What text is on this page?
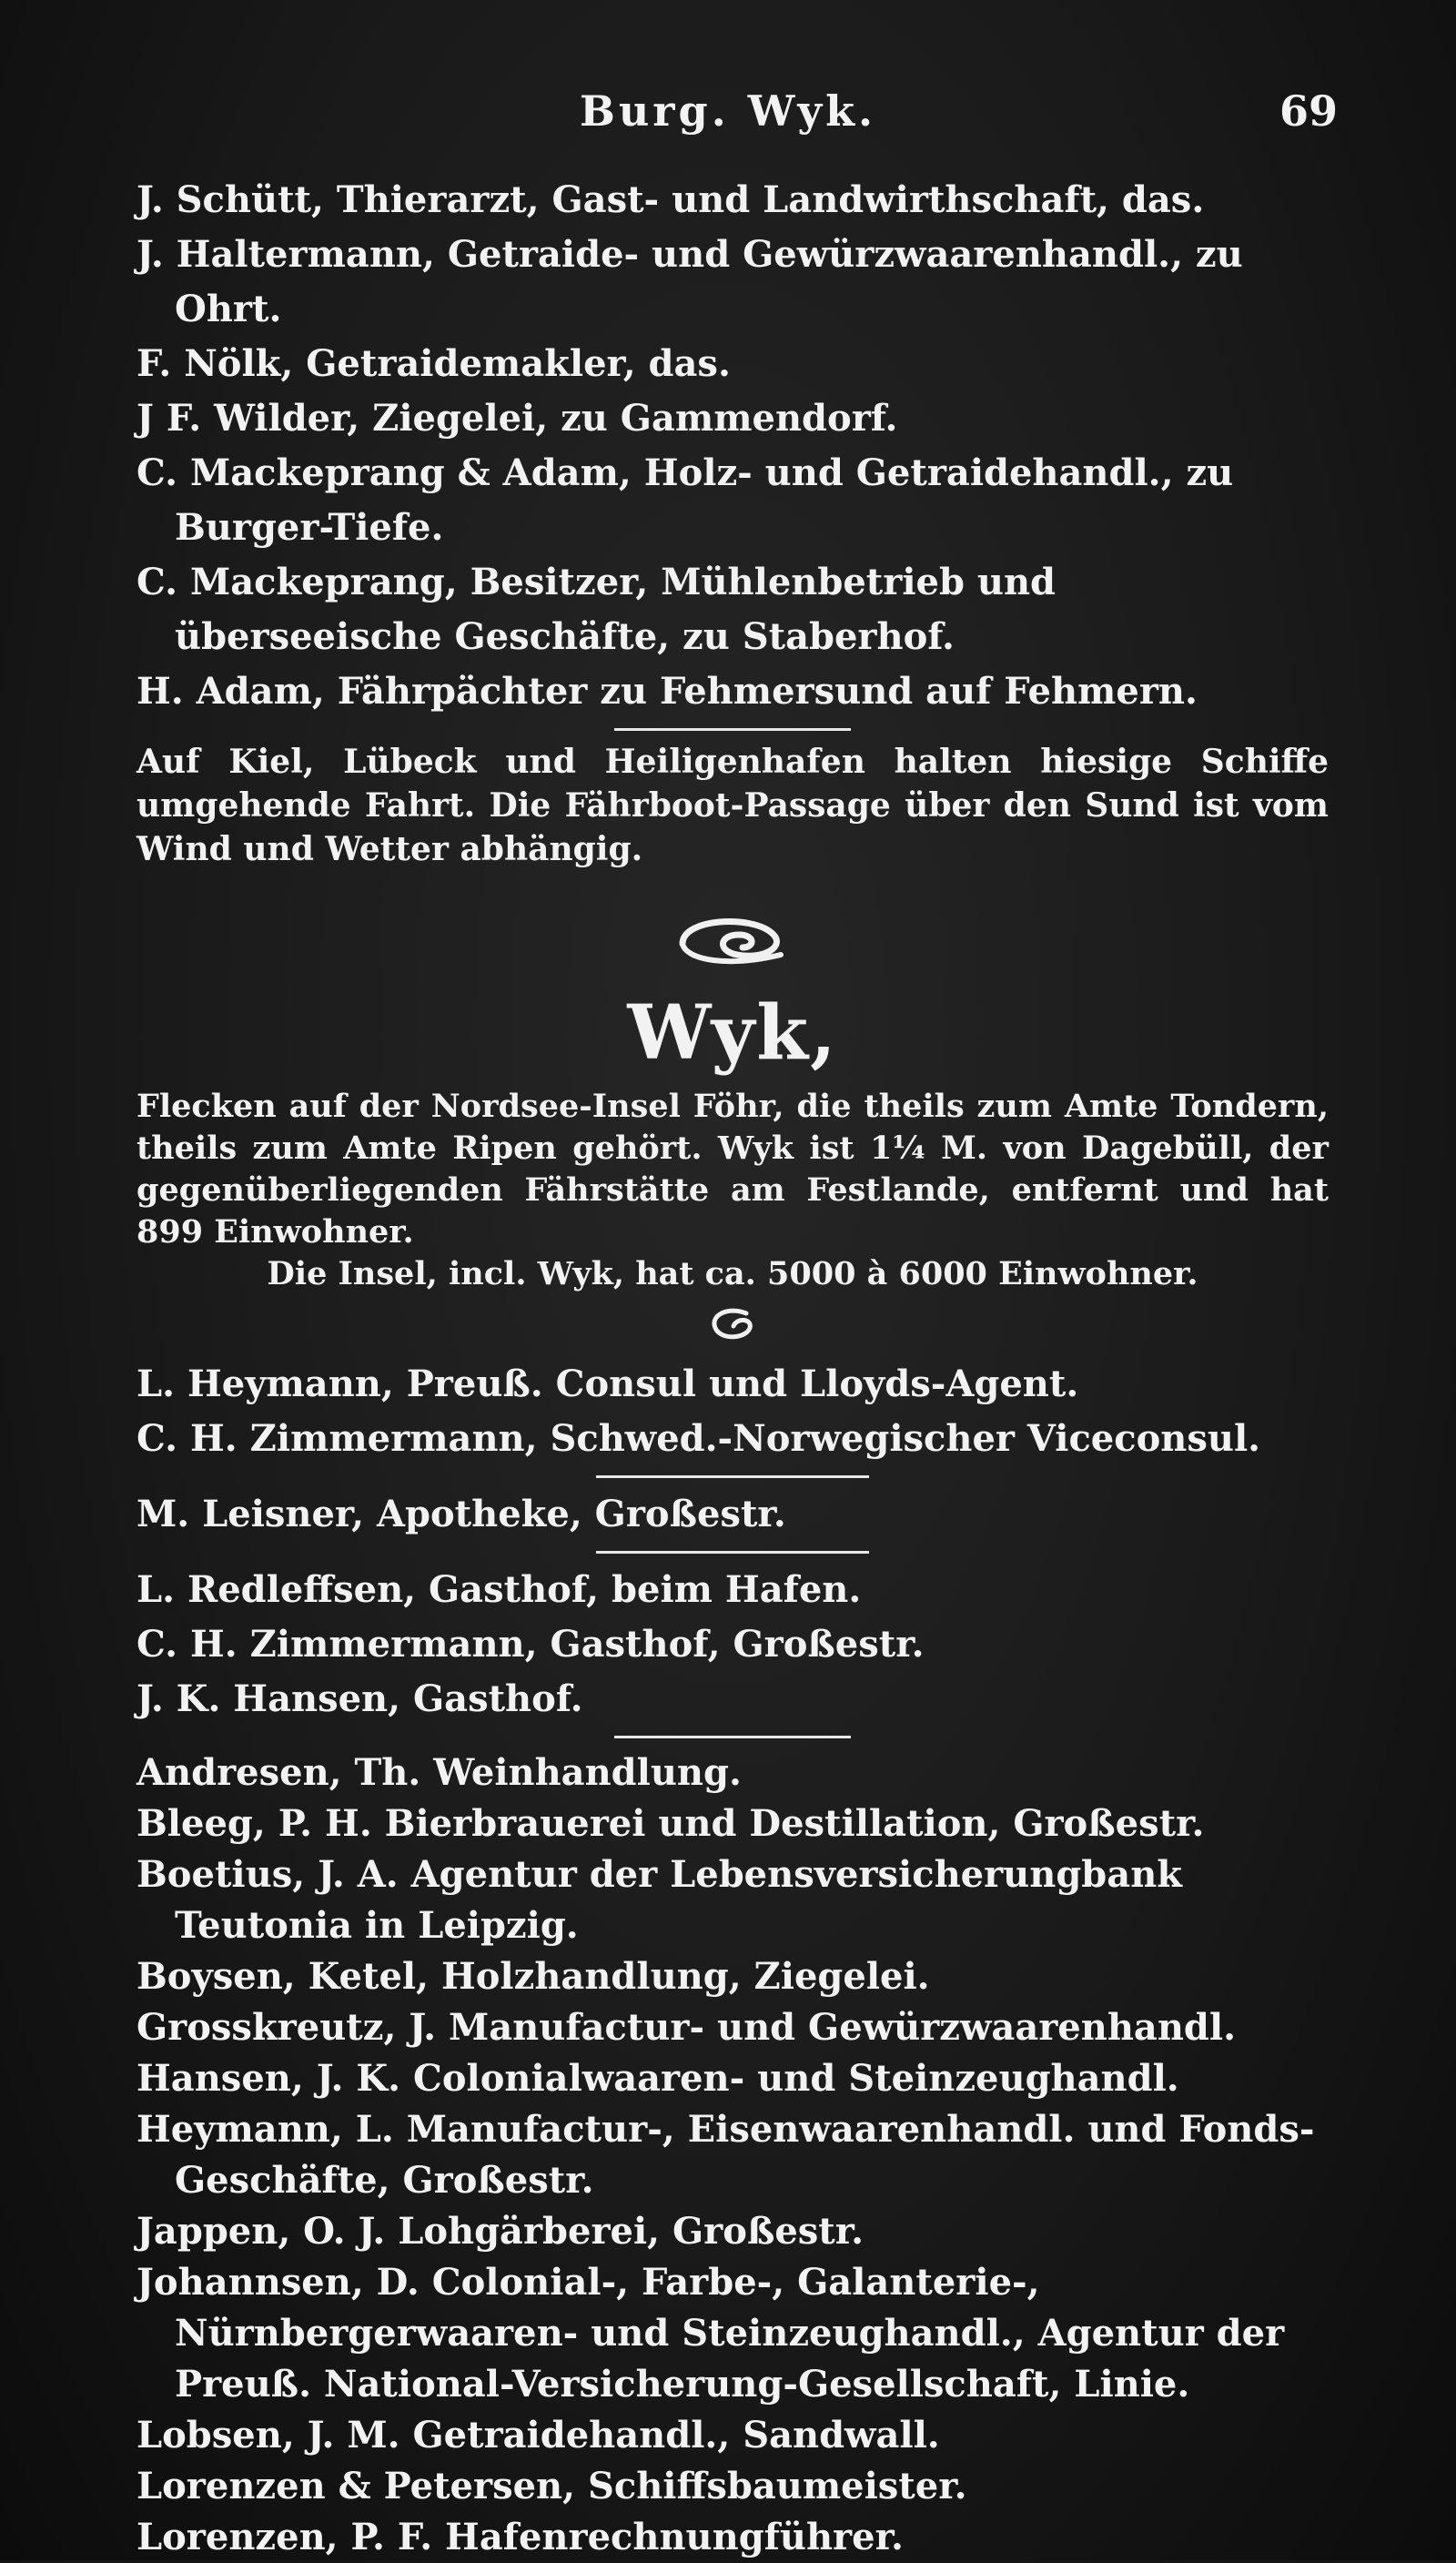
Burg. Wyk.	69
J. Schütt, Thierarzt, Gast- und Landwirthschaft, das.
J. Haltermann, Getraide- und Gewürzwaarenhandl., zu Ohrt.
F. Nölk, Getraidemakler, das.
J F. Wilder, Ziegelei, zu Gammendorf.
C. Mackeprang & Adam, Holz- und Getraidehandl., zu Burger-Tiefe.
C. Mackeprang, Besitzer, Mühlenbetrieb und überseeische Geschäfte, zu Staberhof.
H. Adam, Fährpächter zu Fehmersund auf Fehmern.
Auf Kiel, Lübeck und Heiligenhafen halten hiesige Schiffe umgehende Fahrt. Die Fährboot-Passage über den Sund ist vom Wind und Wetter abhängig.
Wyk,
Flecken auf der Nordsee-Insel Föhr, die theils zum Amte Tondern, theils zum Amte Ripen gehört. Wyk ist 1¼ M. von Dagebüll, der gegenüberliegenden Fährstätte am Festlande, entfernt und hat 899 Einwohner.
Die Insel, incl. Wyk, hat ca. 5000 à 6000 Einwohner.
L. Heymann, Preuß. Consul und Lloyds-Agent.
C. H. Zimmermann, Schwed.-Norwegischer Viceconsul.
M. Leisner, Apotheke, Großestr.
L. Redleffsen, Gasthof, beim Hafen.
C. H. Zimmermann, Gasthof, Großestr.
J. K. Hansen, Gasthof.
Andresen, Th. Weinhandlung.
Bleeg, P. H. Bierbrauerei und Destillation, Großestr.
Boetius, J. A. Agentur der Lebensversicherungbank Teutonia in Leipzig.
Boysen, Ketel, Holzhandlung, Ziegelei.
Grosskreutz, J. Manufactur- und Gewürzwaarenhandl.
Hansen, J. K. Colonialwaaren- und Steinzeughandl.
Heymann, L. Manufactur-, Eisenwaarenhandl. und Fonds-Geschäfte, Großestr.
Jappen, O. J. Lohgärberei, Großestr.
Johannsen, D. Colonial-, Farbe-, Galanterie-, Nürnbergerwaaren- und Steinzeughandl., Agentur der Preuß. National-Versicherung-Gesellschaft, Linie.
Lobsen, J. M. Getraidehandl., Sandwall.
Lorenzen & Petersen, Schiffsbaumeister.
Lorenzen, P. F. Hafenrechnungführer.
